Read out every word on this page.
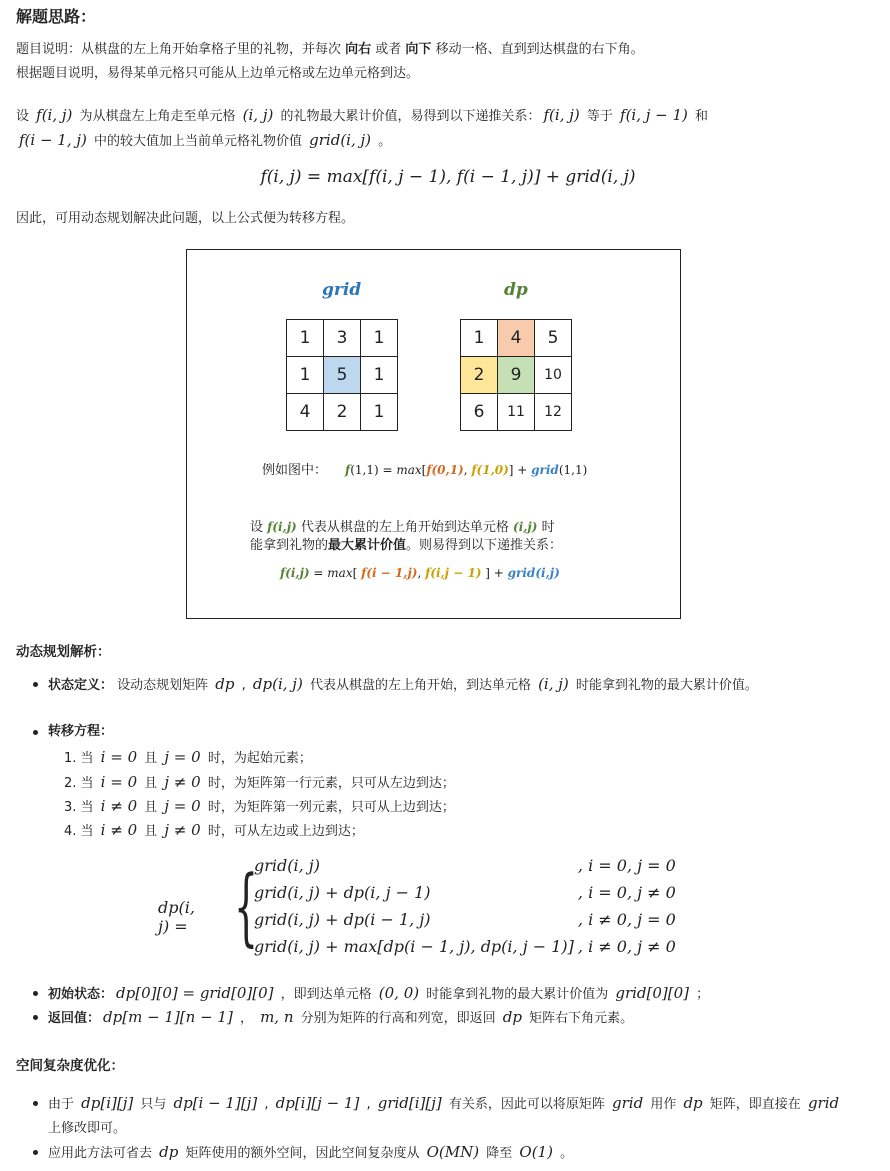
解题思路：
题目说明：从棋盘的左上角开始拿格子里的礼物，并每次 向右 或者 向下 移动一格、直到到达棋盘的右下角。
根据题目说明，易得某单元格只可能从上边单元格或左边单元格到达。
设 f(i, j) 为从棋盘左上角走至单元格 (i, j) 的礼物最大累计价值，易得到以下递推关系： f(i, j) 等于 f(i, j − 1) 和
f(i − 1, j) 中的较大值加上当前单元格礼物价值 grid(i, j) 。
f(i, j) = max[f(i, j − 1), f(i − 1, j)] + grid(i, j)
因此，可用动态规划解决此问题，以上公式便为转移方程。
grid	dp
1	3	1
1	5	1
4	2	1
1	4	5
2	9	10
6	11	12
例如图中： f(1,1) = max[f(0,1), f(1,0)] + grid(1,1)
设 f(i,j) 代表从棋盘的左上角开始到达单元格 (i,j) 时
能拿到礼物的最大累计价值。则易得到以下递推关系：
f(i,j) = max[ f(i − 1,j), f(i,j − 1) ] + grid(i,j)
动态规划解析：
状态定义： 设动态规划矩阵 dp , dp(i, j) 代表从棋盘的左上角开始，到达单元格 (i, j) 时能拿到礼物的最大累计价值。
转移方程：
1. 当 i = 0 且 j = 0 时，为起始元素；
2. 当 i = 0 且 j ≠ 0 时，为矩阵第一行元素，只可从左边到达；
3. 当 i ≠ 0 且 j = 0 时，为矩阵第一列元素，只可从上边到达；
4. 当 i ≠ 0 且 j ≠ 0 时，可从左边或上边到达；
dp(i, j) = {
grid(i, j)	, i = 0, j = 0
grid(i, j) + dp(i, j − 1)	, i = 0, j ≠ 0
grid(i, j) + dp(i − 1, j)	, i ≠ 0, j = 0
grid(i, j) + max[dp(i − 1, j), dp(i, j − 1)]	, i ≠ 0, j ≠ 0
初始状态： dp[0][0] = grid[0][0] ，即到达单元格 (0, 0) 时能拿到礼物的最大累计价值为 grid[0][0] ；
返回值： dp[m − 1][n − 1] ， m, n 分别为矩阵的行高和列宽，即返回 dp 矩阵右下角元素。
空间复杂度优化：
由于 dp[i][j] 只与 dp[i − 1][j] , dp[i][j − 1] , grid[i][j] 有关系，因此可以将原矩阵 grid 用作 dp 矩阵，即直接在 grid 上修改即可。
应用此方法可省去 dp 矩阵使用的额外空间，因此空间复杂度从 O(MN) 降至 O(1) 。
